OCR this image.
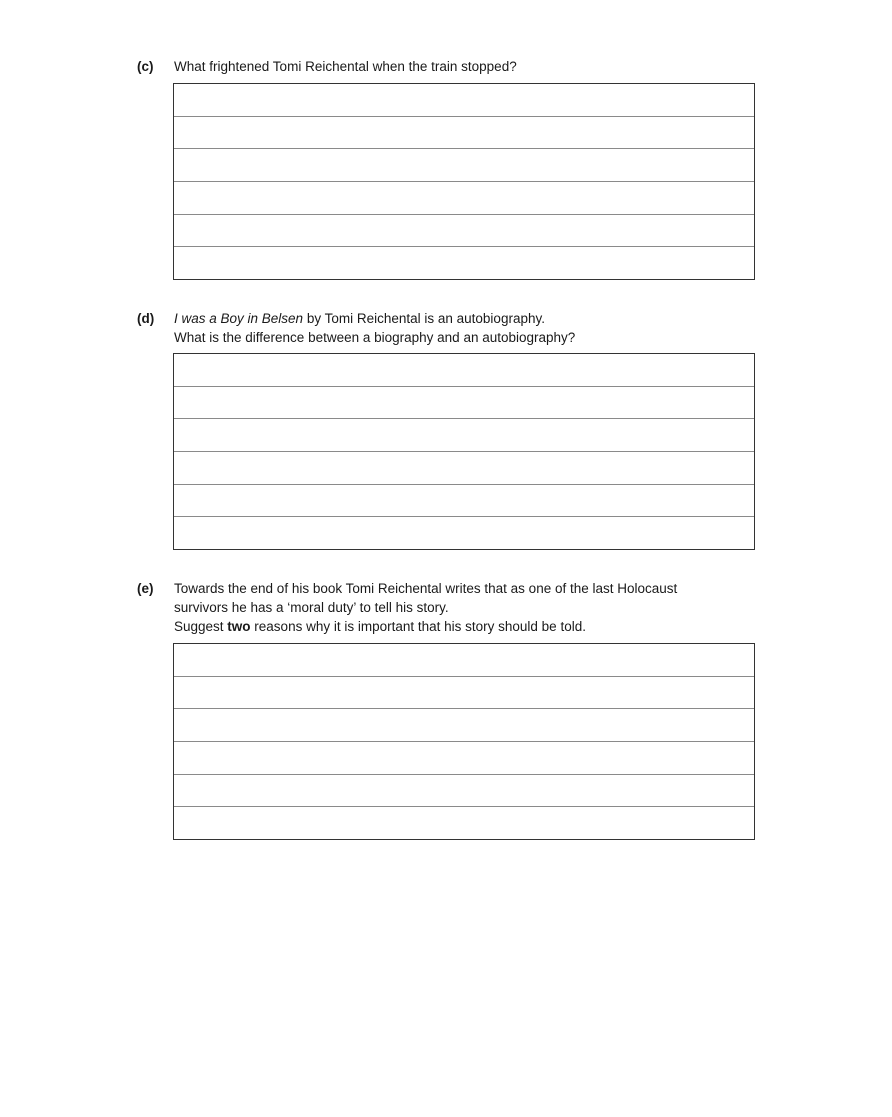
(c) What frightened Tomi Reichental when the train stopped?
(d) I was a Boy in Belsen by Tomi Reichental is an autobiography.
What is the difference between a biography and an autobiography?
(e) Towards the end of his book Tomi Reichental writes that as one of the last Holocaust
survivors he has a ‘moral duty’ to tell his story.
Suggest two reasons why it is important that his story should be told.
